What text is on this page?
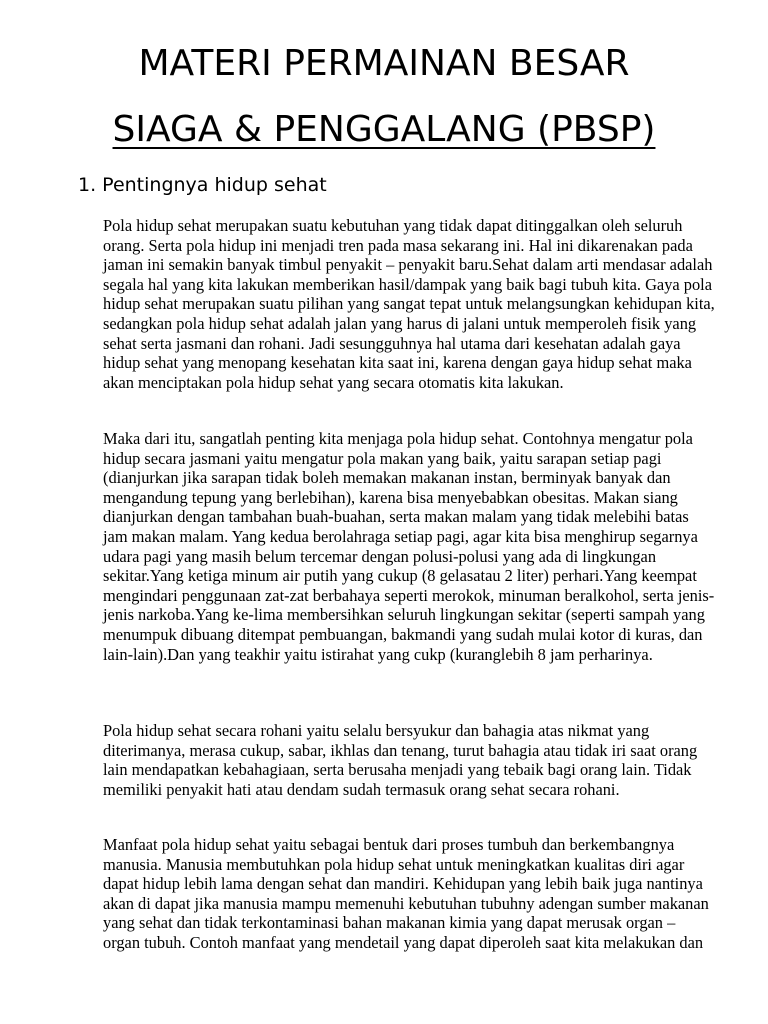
MATERI PERMAINAN BESAR
SIAGA & PENGGALANG (PBSP)
1. Pentingnya hidup sehat

Pola hidup sehat merupakan suatu kebutuhan yang tidak dapat ditinggalkan oleh seluruh orang. Serta pola hidup ini menjadi tren pada masa sekarang ini. Hal ini dikarenakan pada jaman ini semakin banyak timbul penyakit – penyakit baru.Sehat dalam arti mendasar adalah segala hal yang kita lakukan memberikan hasil/dampak yang baik bagi tubuh kita. Gaya pola hidup sehat merupakan suatu pilihan yang sangat tepat untuk melangsungkan kehidupan kita, sedangkan pola hidup sehat adalah jalan yang harus di jalani untuk memperoleh fisik yang sehat serta jasmani dan rohani. Jadi sesungguhnya hal utama dari kesehatan adalah gaya hidup sehat yang menopang kesehatan kita saat ini, karena dengan gaya hidup sehat maka akan menciptakan pola hidup sehat yang secara otomatis kita lakukan.

Maka dari itu, sangatlah penting kita menjaga pola hidup sehat. Contohnya mengatur pola hidup secara jasmani yaitu mengatur pola makan yang baik, yaitu sarapan setiap pagi (dianjurkan jika sarapan tidak boleh memakan makanan instan, berminyak banyak dan mengandung tepung yang berlebihan), karena bisa menyebabkan obesitas. Makan siang dianjurkan dengan tambahan buah-buahan, serta makan malam yang tidak melebihi batas jam makan malam. Yang kedua berolahraga setiap pagi, agar kita bisa menghirup segarnya udara pagi yang masih belum tercemar dengan polusi-polusi yang ada di lingkungan sekitar.Yang ketiga minum air putih yang cukup (8 gelasatau 2 liter) perhari.Yang keempat mengindari penggunaan zat-zat berbahaya seperti merokok, minuman beralkohol, serta jenis-jenis narkoba.Yang ke-lima membersihkan seluruh lingkungan sekitar (seperti sampah yang menumpuk dibuang ditempat pembuangan, bakmandi yang sudah mulai kotor di kuras, dan lain-lain).Dan yang teakhir yaitu istirahat yang cukp (kuranglebih 8 jam perharinya.

Pola hidup sehat secara rohani yaitu selalu bersyukur dan bahagia atas nikmat yang diterimanya, merasa cukup, sabar, ikhlas dan tenang, turut bahagia atau tidak iri saat orang lain mendapatkan kebahagiaan, serta berusaha menjadi yang tebaik bagi orang lain. Tidak memiliki penyakit hati atau dendam sudah termasuk orang sehat secara rohani.

Manfaat pola hidup sehat yaitu sebagai bentuk dari proses tumbuh dan berkembangnya manusia. Manusia membutuhkan pola hidup sehat untuk meningkatkan kualitas diri agar dapat hidup lebih lama dengan sehat dan mandiri. Kehidupan yang lebih baik juga nantinya akan di dapat jika manusia mampu memenuhi kebutuhan tubuhny adengan sumber makanan yang sehat dan tidak terkontaminasi bahan makanan kimia yang dapat merusak organ – organ tubuh. Contoh manfaat yang mendetail yang dapat diperoleh saat kita melakukan dan
